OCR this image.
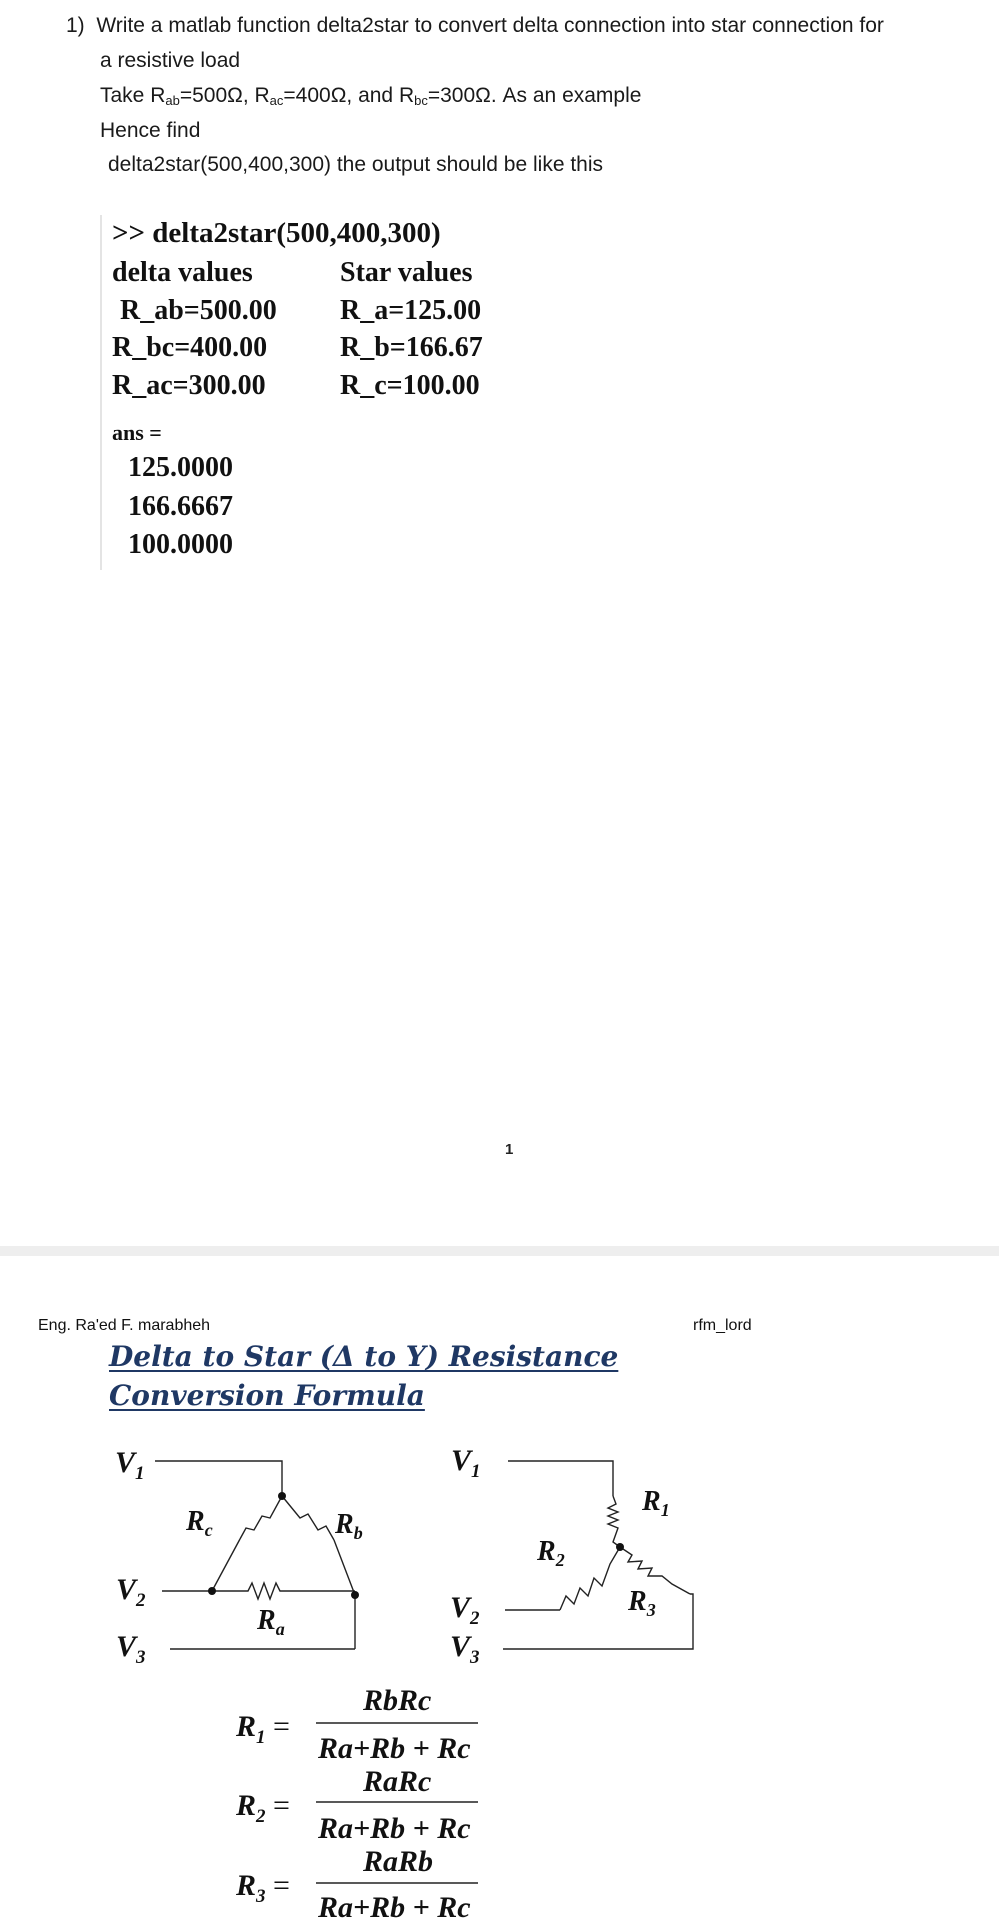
1) Write a matlab function delta2star to convert delta connection into star connection for
a resistive load
Take $R_{ab}=500\Omega$, $R_{ac}=400\Omega$, and $R_{bc}=300\Omega$. As an example
Hence find
delta2star(500,400,300) the output should be like this
>> delta2star(500,400,300)
delta values	Star values
R_ab=500.00 R_a=125.00
R_bc=400.00	R_b=166.67
R_ac=300.00	R_c=100.00
ans =
125.0000
166.6667
100.0000
1
Eng. Ra'ed F. marabheh	rfm_lord
Delta to Star (Δ to Y) Resistance
Conversion Formula
$V_1$
$V_2$
$V_3$
$R_c$	$R_b$
$R_a$
$V_1$
$V_2$
$V_3$
$R_1$
$R_2$
$R_3$
$R_1$ =
RbRc
Ra+Rb + Rc
$R_2$ =
RaRc
Ra+Rb + Rc
$R_3$ =
RaRb
Ra+Rb + Rc
